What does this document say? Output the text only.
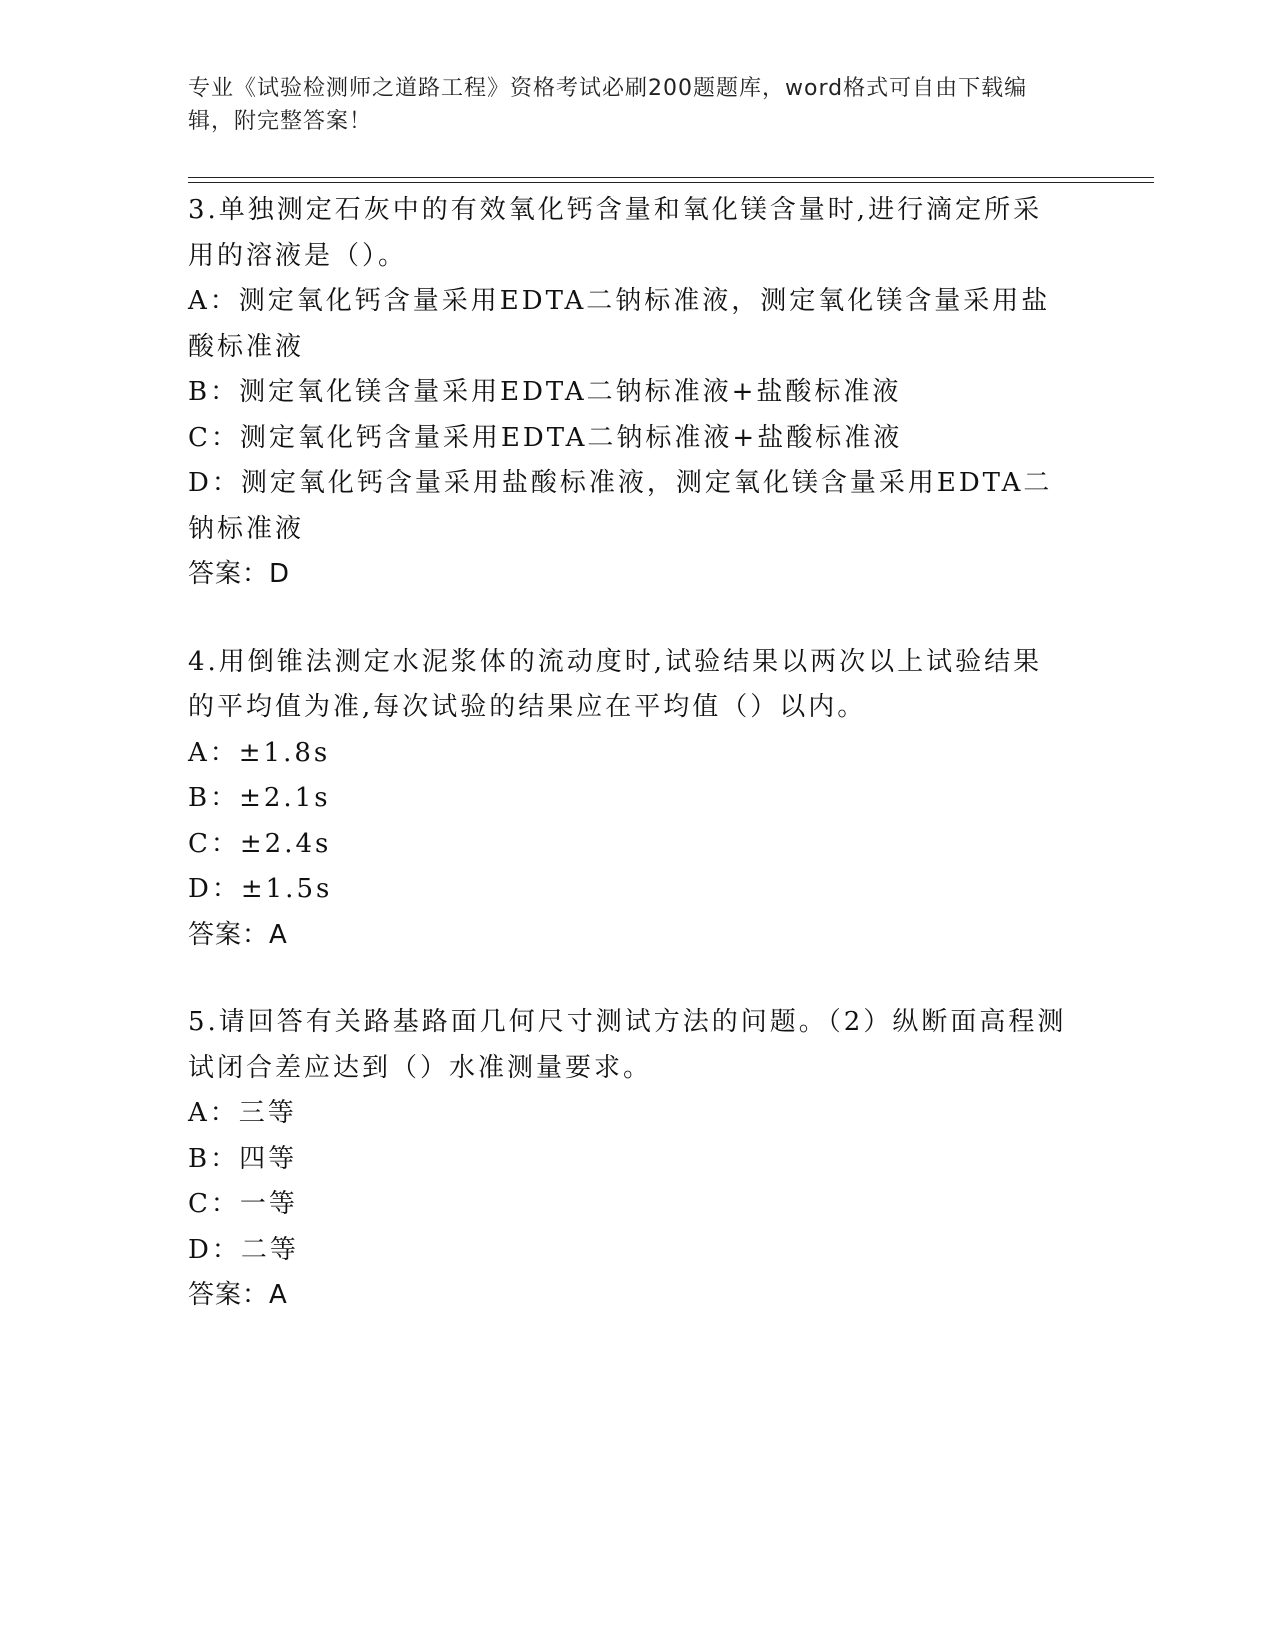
专业《试验检测师之道路工程》资格考试必刷200题题库，word格式可自由下载编辑，附完整答案！

3.单独测定石灰中的有效氧化钙含量和氧化镁含量时,进行滴定所采用的溶液是（）。

A：测定氧化钙含量采用EDTA二钠标准液，测定氧化镁含量采用盐酸标准液

B：测定氧化镁含量采用EDTA二钠标准液+盐酸标准液

C：测定氧化钙含量采用EDTA二钠标准液+盐酸标准液

D：测定氧化钙含量采用盐酸标准液，测定氧化镁含量采用EDTA二钠标准液

答案 ： D

4.用倒锥法测定水泥浆体的流动度时,试验结果以两次以上试验结果的平均值为准,每次试验的结果应在平均值（）以内。

A：±1.8s

B：±2.1s

C：±2.4s

D：±1.5s

答案 ： A

5.请回答有关路基路面几何尺寸测试方法的问题。（2）纵断面高程测试闭合差应达到（）水准测量要求。

A：三等

B：四等

C：一等

D：二等

答案 ： A
